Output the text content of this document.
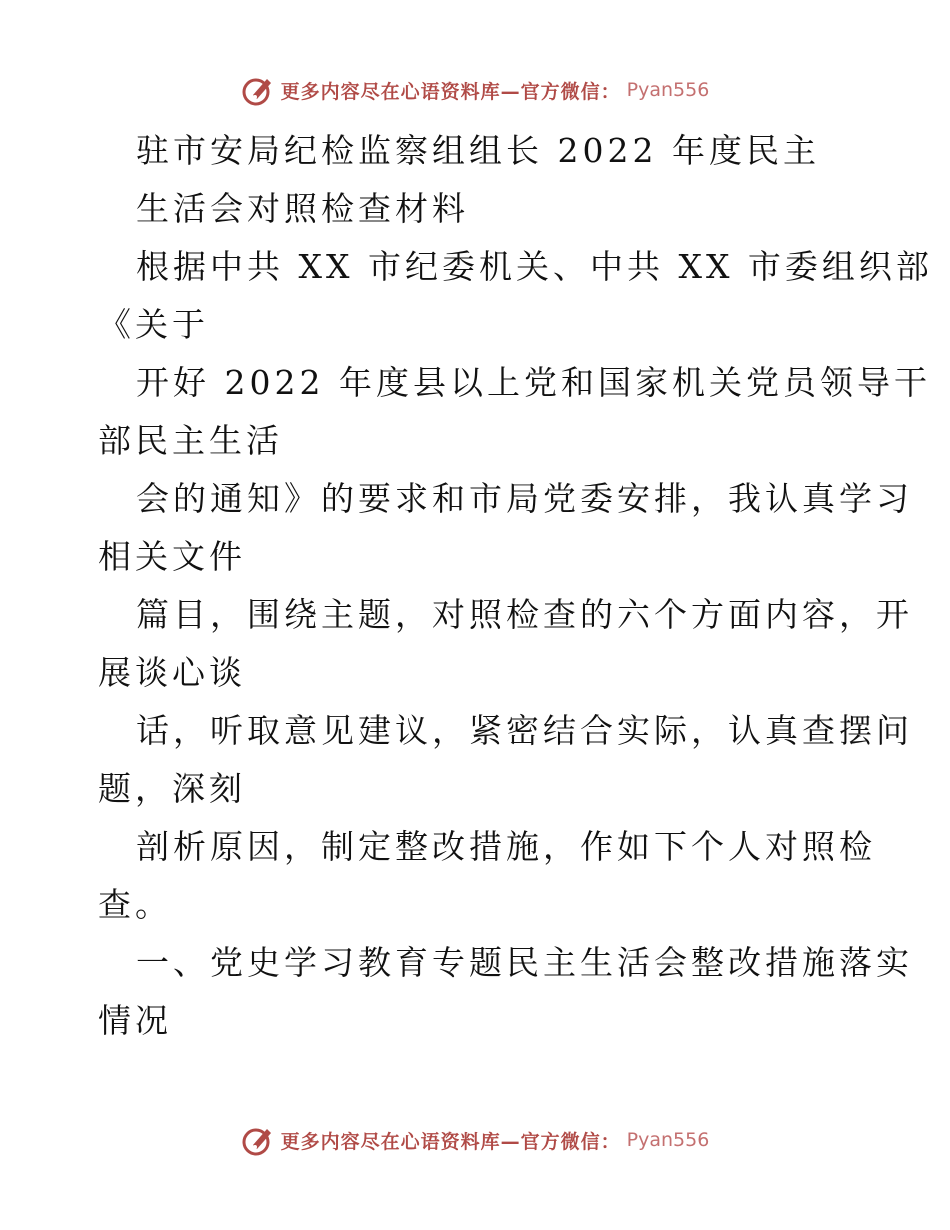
更多内容尽在心语资料库—官方微信： Pyan556
驻市安局纪检监察组组长 2022 年度民主
生活会对照检查材料
根据中共 XX 市纪委机关、中共 XX 市委组织部
《关于
开好 2022 年度县以上党和国家机关党员领导干
部民主生活
会的通知》的要求和市局党委安排，我认真学习
相关文件
篇目，围绕主题，对照检查的六个方面内容，开
展谈心谈
话，听取意见建议，紧密结合实际，认真查摆问
题，深刻
剖析原因，制定整改措施，作如下个人对照检
查。
一、党史学习教育专题民主生活会整改措施落实
情况
更多内容尽在心语资料库—官方微信： Pyan556
